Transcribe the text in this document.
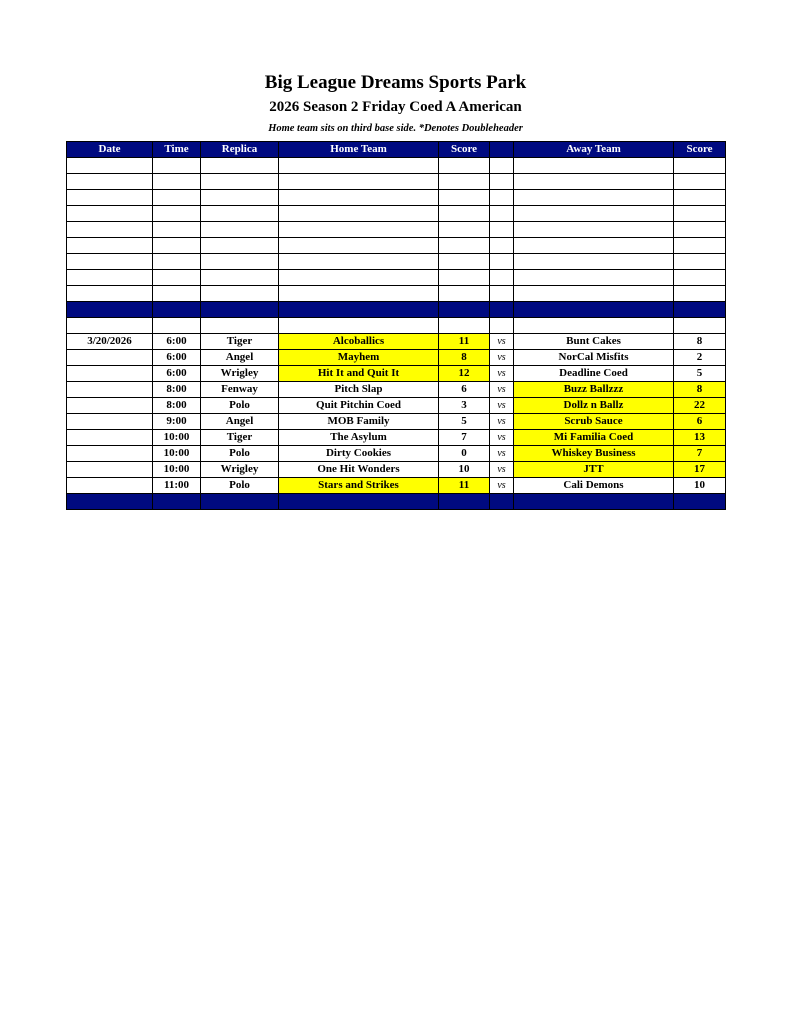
Big League Dreams Sports Park
2026 Season 2 Friday Coed A American
Home team sits on third base side. *Denotes Doubleheader
Date	Time	Replica	Home Team	Score		Away Team	Score

3/20/2026	6:00	Tiger	Alcoballics	11	vs	Bunt Cakes	8
	6:00	Angel	Mayhem	8	vs	NorCal Misfits	2
	6:00	Wrigley	Hit It and Quit It	12	vs	Deadline Coed	5
	8:00	Fenway	Pitch Slap	6	vs	Buzz Ballzzz	8
	8:00	Polo	Quit Pitchin Coed	3	vs	Dollz n Ballz	22
	9:00	Angel	MOB Family	5	vs	Scrub Sauce	6
	10:00	Tiger	The Asylum	7	vs	Mi Familia Coed	13
	10:00	Polo	Dirty Cookies	0	vs	Whiskey Business	7
	10:00	Wrigley	One Hit Wonders	10	vs	JTT	17
	11:00	Polo	Stars and Strikes	11	vs	Cali Demons	10
